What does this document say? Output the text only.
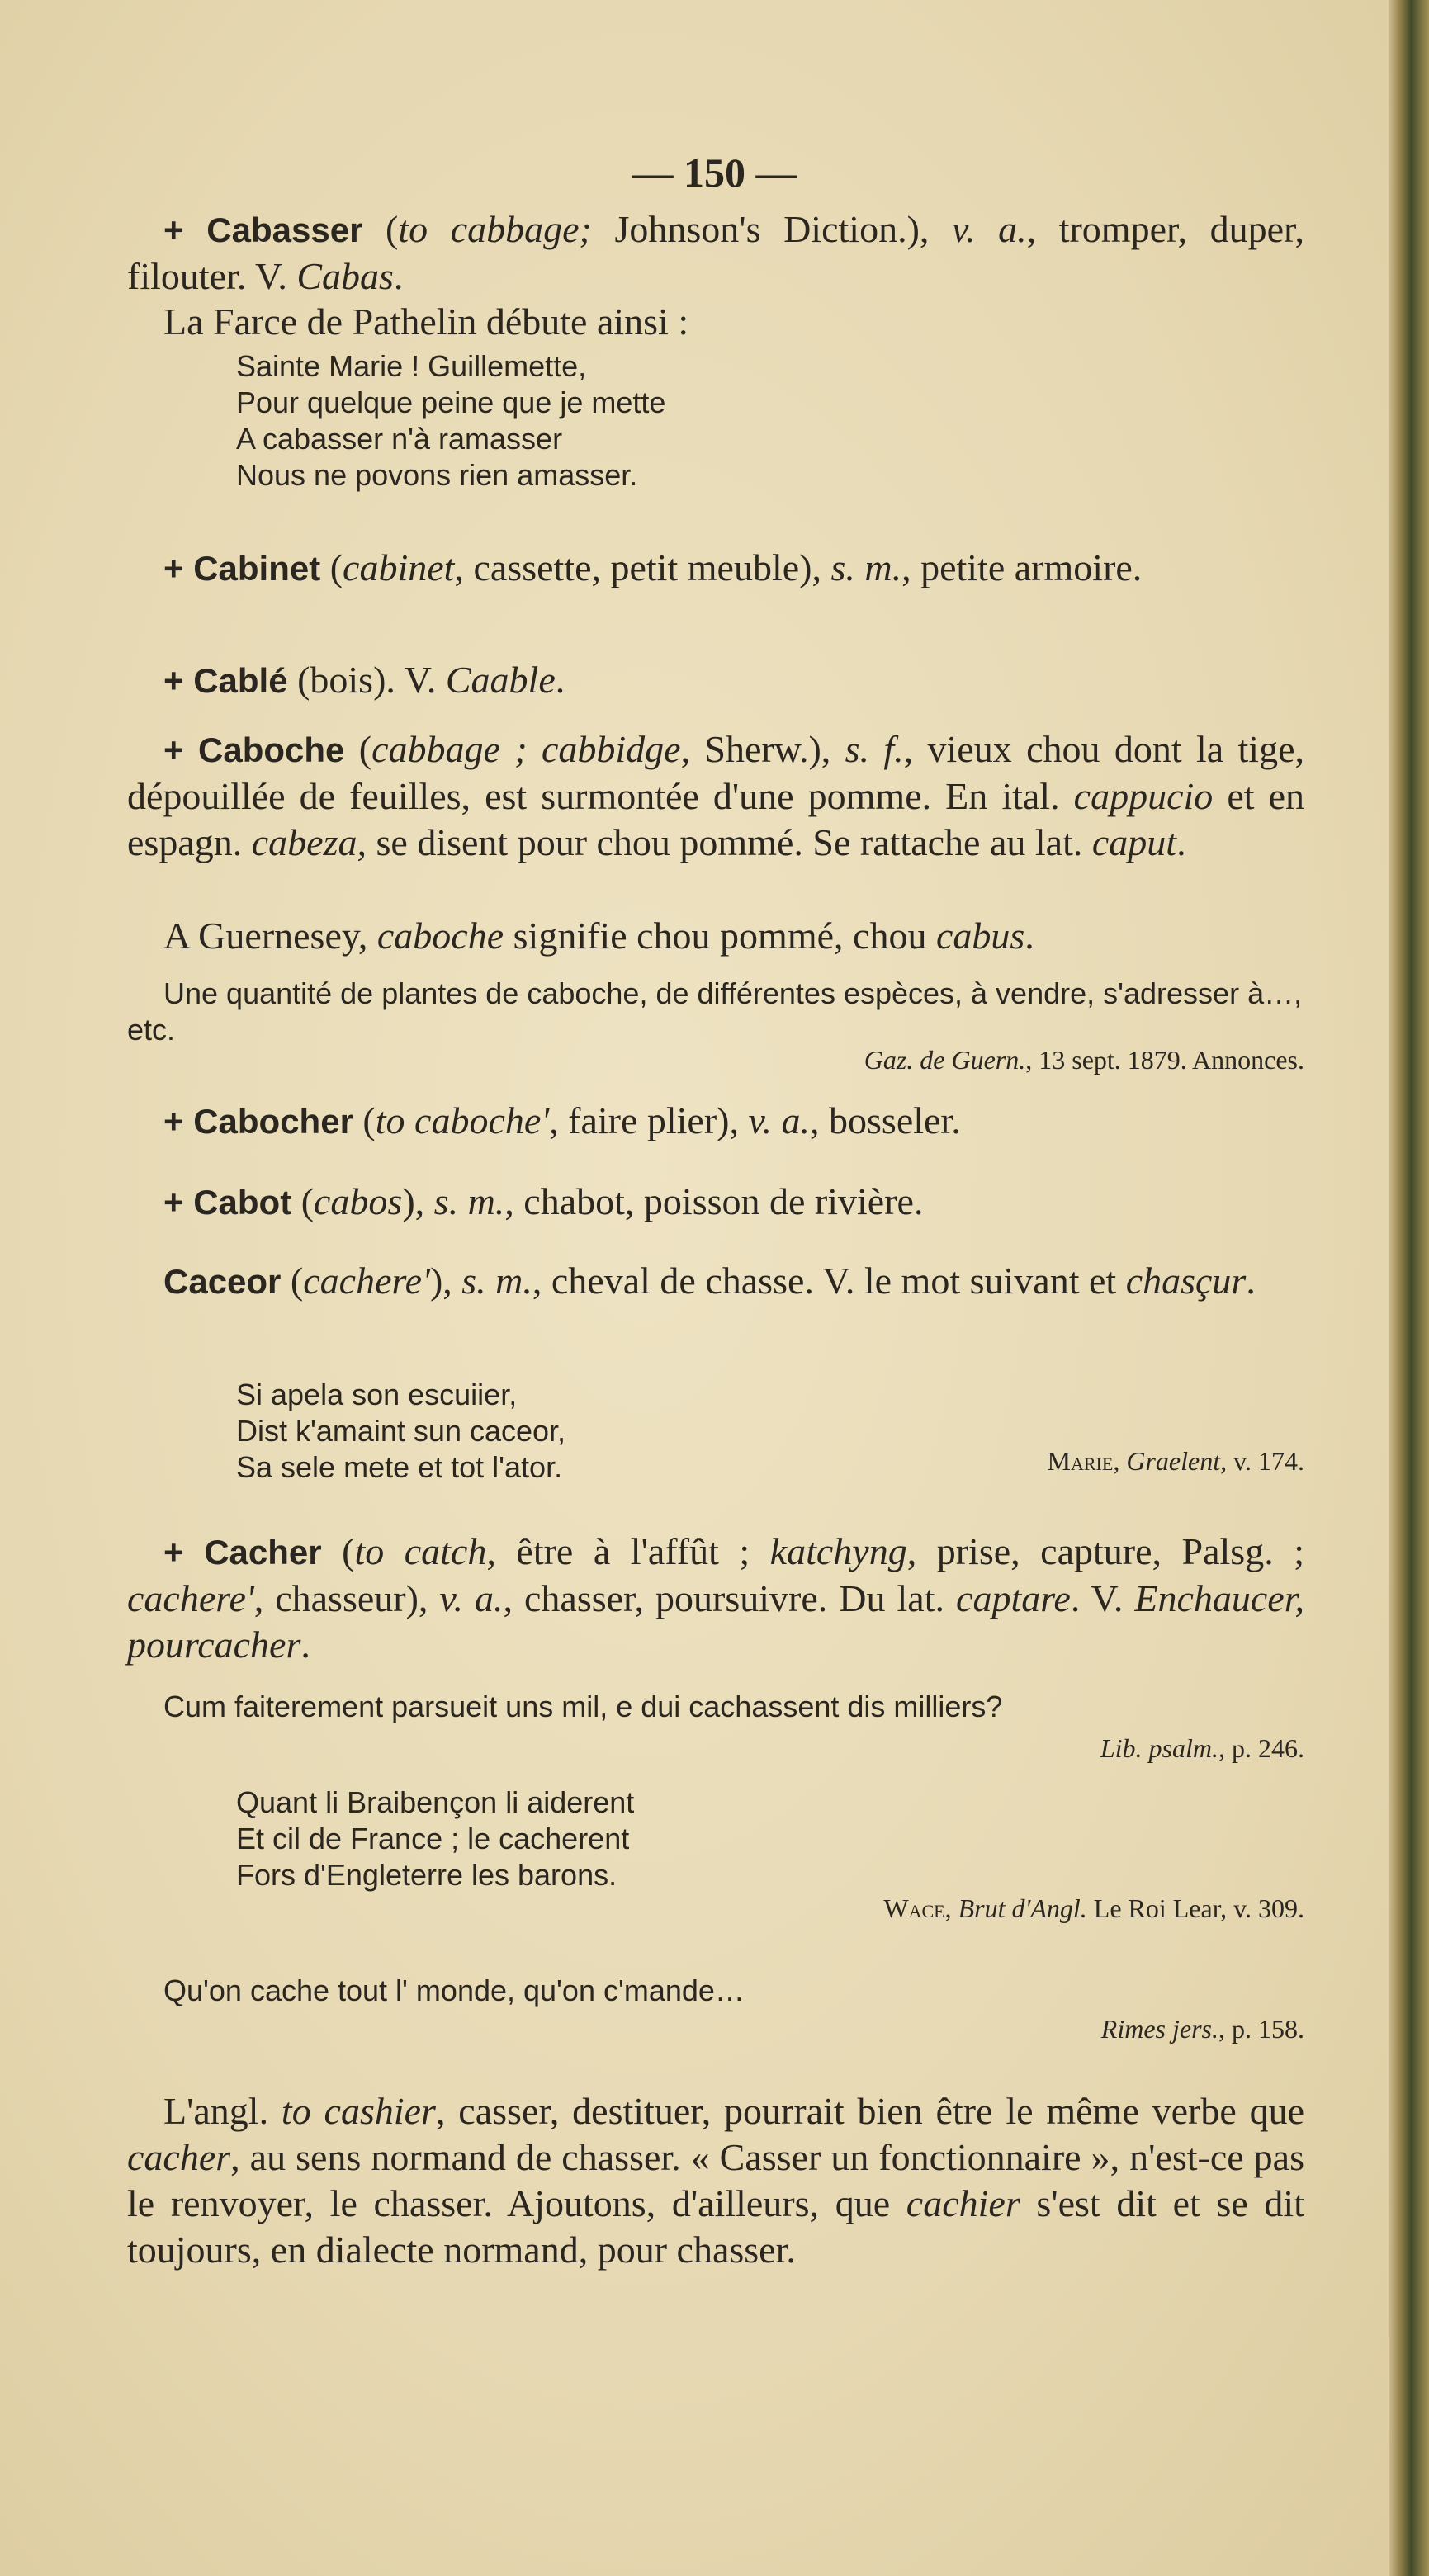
— 150 —
+ Cabasser (to cabbage; Johnson's Diction.), v. a., tromper, duper, filouter. V. Cabas.
La Farce de Pathelin débute ainsi :
Sainte Marie ! Guillemette,
Pour quelque peine que je mette
A cabasser n'à ramasser
Nous ne povons rien amasser.
+ Cabinet (cabinet, cassette, petit meuble), s. m., petite armoire.
+ Cablé (bois). V. Caable.
+ Caboche (cabbage ; cabbidge, Sherw.), s. f., vieux chou dont la tige, dépouillée de feuilles, est surmontée d'une pomme. En ital. cappucio et en espagn. cabeza, se disent pour chou pommé. Se rattache au lat. caput.
A Guernesey, caboche signifie chou pommé, chou cabus.
Une quantité de plantes de caboche, de différentes espèces, à vendre, s'adresser à…, etc.
Gaz. de Guern., 13 sept. 1879. Annonces.
+ Cabocher (to caboche', faire plier), v. a., bosseler.
+ Cabot (cabos), s. m., chabot, poisson de rivière.
Caceor (cachere'), s. m., cheval de chasse. V. le mot suivant et chasçur.
Si apela son escuiier,
Dist k'amaint sun caceor,
Sa sele mete et tot l'ator.	Marie, Graelent, v. 174.
+ Cacher (to catch, être à l'affût ; katchyng, prise, capture, Palsg. ; cachere', chasseur), v. a., chasser, poursuivre. Du lat. captare. V. Enchaucer, pourcacher.
Cum faiterement parsueit uns mil, e dui cachassent dis milliers?
Lib. psalm., p. 246.
Quant li Braibençon li aiderent
Et cil de France ; le cacherent
Fors d'Engleterre les barons.
Wace, Brut d'Angl. Le Roi Lear, v. 309.
Qu'on cache tout l' monde, qu'on c'mande…
Rimes jers., p. 158.
L'angl. to cashier, casser, destituer, pourrait bien être le même verbe que cacher, au sens normand de chasser. « Casser un fonctionnaire », n'est-ce pas le renvoyer, le chasser. Ajoutons, d'ailleurs, que cachier s'est dit et se dit toujours, en dialecte normand, pour chasser.
